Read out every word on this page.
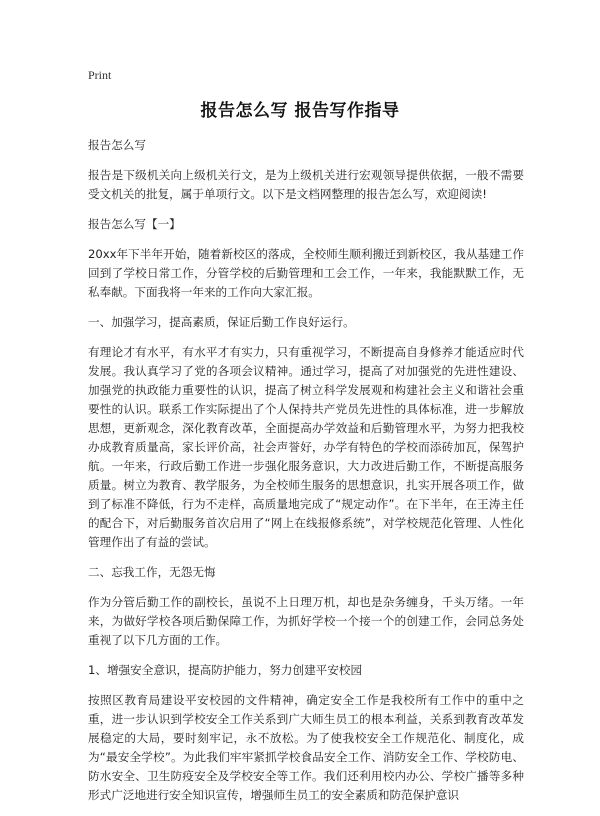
Print
报告怎么写 报告写作指导

报告怎么写

报告是下级机关向上级机关行文，是为上级机关进行宏观领导提供依据，一般不需要受文机关的批复，属于单项行文。以下是文档网整理的报告怎么写，欢迎阅读!

报告怎么写【一】

20xx年下半年开始，随着新校区的落成，全校师生顺利搬迁到新校区，我从基建工作回到了学校日常工作，分管学校的后勤管理和工会工作，一年来，我能默默工作，无私奉献。下面我将一年来的工作向大家汇报。

一、加强学习，提高素质，保证后勤工作良好运行。

有理论才有水平，有水平才有实力，只有重视学习，不断提高自身修养才能适应时代发展。我认真学习了党的各项会议精神。通过学习，提高了对加强党的先进性建设、加强党的执政能力重要性的认识，提高了树立科学发展观和构建社会主义和谐社会重要性的认识。联系工作实际提出了个人保持共产党员先进性的具体标准，进一步解放思想，更新观念，深化教育改革，全面提高办学效益和后勤管理水平，为努力把我校办成教育质量高，家长评价高，社会声誉好，办学有特色的学校而添砖加瓦，保驾护航。一年来，行政后勤工作进一步强化服务意识，大力改进后勤工作，不断提高服务质量。树立为教育、教学服务，为全校师生服务的思想意识，扎实开展各项工作，做到了标准不降低，行为不走样，高质量地完成了“规定动作”。在下半年，在王涛主任的配合下，对后勤服务首次启用了“网上在线报修系统”，对学校规范化管理、人性化管理作出了有益的尝试。

二、忘我工作，无怨无悔

作为分管后勤工作的副校长，虽说不上日理万机，却也是杂务缠身，千头万绪。一年来，为做好学校各项后勤保障工作，为抓好学校一个接一个的创建工作，会同总务处重视了以下几方面的工作。

1、增强安全意识，提高防护能力，努力创建平安校园

按照区教育局建设平安校园的文件精神，确定安全工作是我校所有工作中的重中之重，进一步认识到学校安全工作关系到广大师生员工的根本利益，关系到教育改革发展稳定的大局，要时刻牢记，永不放松。为了使我校安全工作规范化、制度化，成为“最安全学校”。为此我们牢牢紧抓学校食品安全工作、消防安全工作、学校防电、防水安全、卫生防疫安全及学校安全等工作。我们还利用校内办公、学校广播等多种形式广泛地进行安全知识宣传，增强师生员工的安全素质和防范保护意识
